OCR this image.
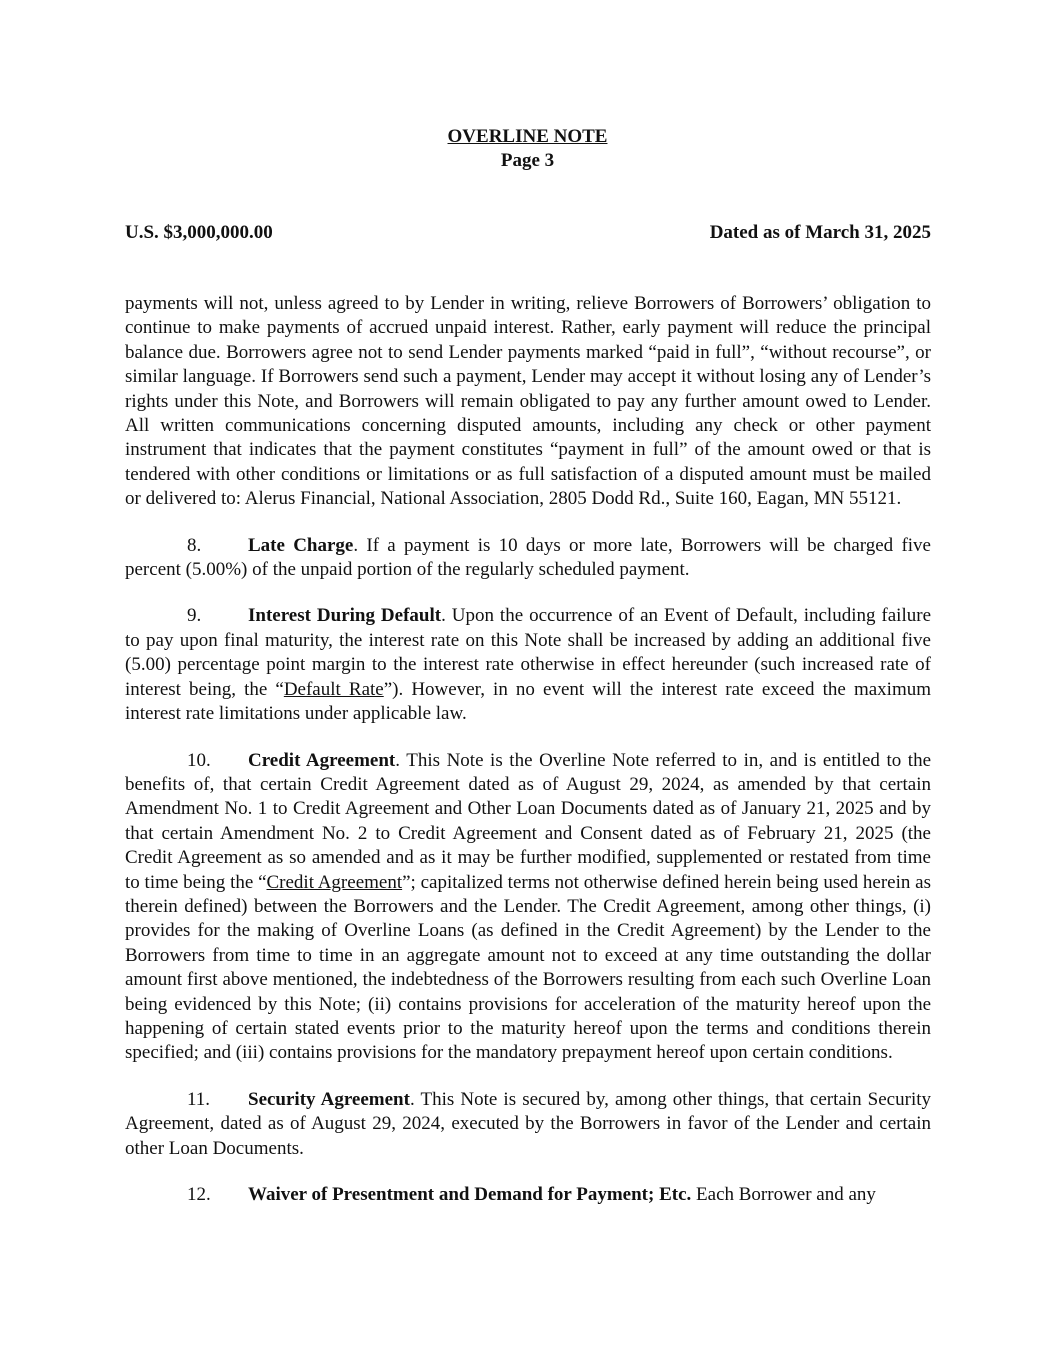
OVERLINE NOTE
Page 3
U.S. $3,000,000.00	Dated as of March 31, 2025

payments will not, unless agreed to by Lender in writing, relieve Borrowers of Borrowers’ obligation to continue to make payments of accrued unpaid interest. Rather, early payment will reduce the principal balance due. Borrowers agree not to send Lender payments marked “paid in full”, “without recourse”, or similar language. If Borrowers send such a payment, Lender may accept it without losing any of Lender’s rights under this Note, and Borrowers will remain obligated to pay any further amount owed to Lender. All written communications concerning disputed amounts, including any check or other payment instrument that indicates that the payment constitutes “payment in full” of the amount owed or that is tendered with other conditions or limitations or as full satisfaction of a disputed amount must be mailed or delivered to: Alerus Financial, National Association, 2805 Dodd Rd., Suite 160, Eagan, MN 55121.

8. Late Charge. If a payment is 10 days or more late, Borrowers will be charged five percent (5.00%) of the unpaid portion of the regularly scheduled payment.

9. Interest During Default. Upon the occurrence of an Event of Default, including failure to pay upon final maturity, the interest rate on this Note shall be increased by adding an additional five (5.00) percentage point margin to the interest rate otherwise in effect hereunder (such increased rate of interest being, the “Default Rate”). However, in no event will the interest rate exceed the maximum interest rate limitations under applicable law.

10. Credit Agreement. This Note is the Overline Note referred to in, and is entitled to the benefits of, that certain Credit Agreement dated as of August 29, 2024, as amended by that certain Amendment No. 1 to Credit Agreement and Other Loan Documents dated as of January 21, 2025 and by that certain Amendment No. 2 to Credit Agreement and Consent dated as of February 21, 2025 (the Credit Agreement as so amended and as it may be further modified, supplemented or restated from time to time being the “Credit Agreement”; capitalized terms not otherwise defined herein being used herein as therein defined) between the Borrowers and the Lender. The Credit Agreement, among other things, (i) provides for the making of Overline Loans (as defined in the Credit Agreement) by the Lender to the Borrowers from time to time in an aggregate amount not to exceed at any time outstanding the dollar amount first above mentioned, the indebtedness of the Borrowers resulting from each such Overline Loan being evidenced by this Note; (ii) contains provisions for acceleration of the maturity hereof upon the happening of certain stated events prior to the maturity hereof upon the terms and conditions therein specified; and (iii) contains provisions for the mandatory prepayment hereof upon certain conditions.

11. Security Agreement. This Note is secured by, among other things, that certain Security Agreement, dated as of August 29, 2024, executed by the Borrowers in favor of the Lender and certain other Loan Documents.

12. Waiver of Presentment and Demand for Payment; Etc. Each Borrower and any
